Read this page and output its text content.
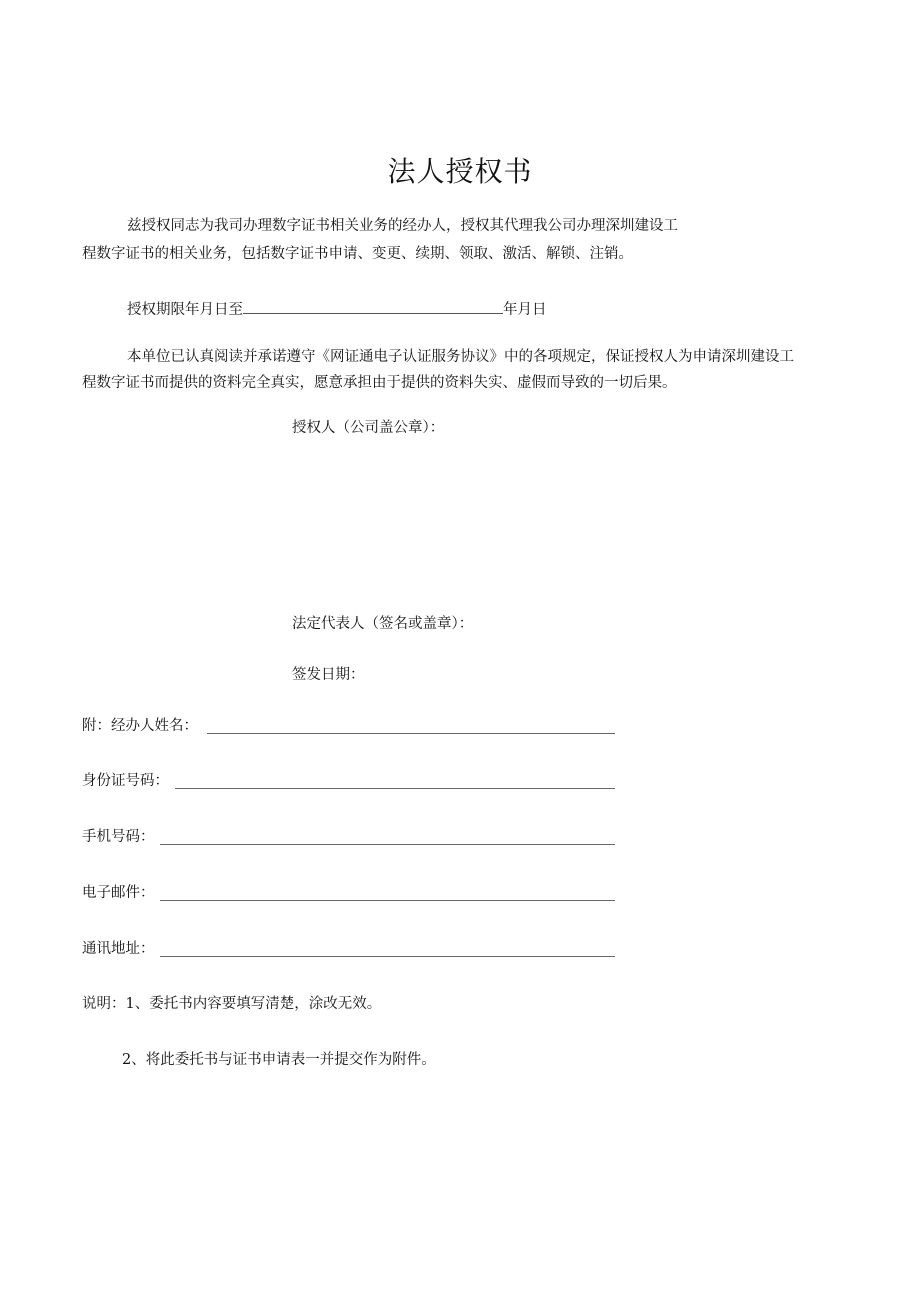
法人授权书
兹授权同志为我司办理数字证书相关业务的经办人，授权其代理我公司办理深圳建设工
程数字证书的相关业务，包括数字证书申请、变更、续期、领取、激活、解锁、注销。
授权期限年月日至	年月日
本单位已认真阅读并承诺遵守《网证通电子认证服务协议》中的各项规定，保证授权人为申请深圳建设工
程数字证书而提供的资料完全真实，愿意承担由于提供的资料失实、虚假而导致的一切后果。
授权人（公司盖公章）：
法定代表人（签名或盖章）：
签发日期：
附：经办人姓名：
身份证号码：
手机号码：
电子邮件：
通讯地址：
说明：1、委托书内容要填写清楚，涂改无效。
2、将此委托书与证书申请表一并提交作为附件。
